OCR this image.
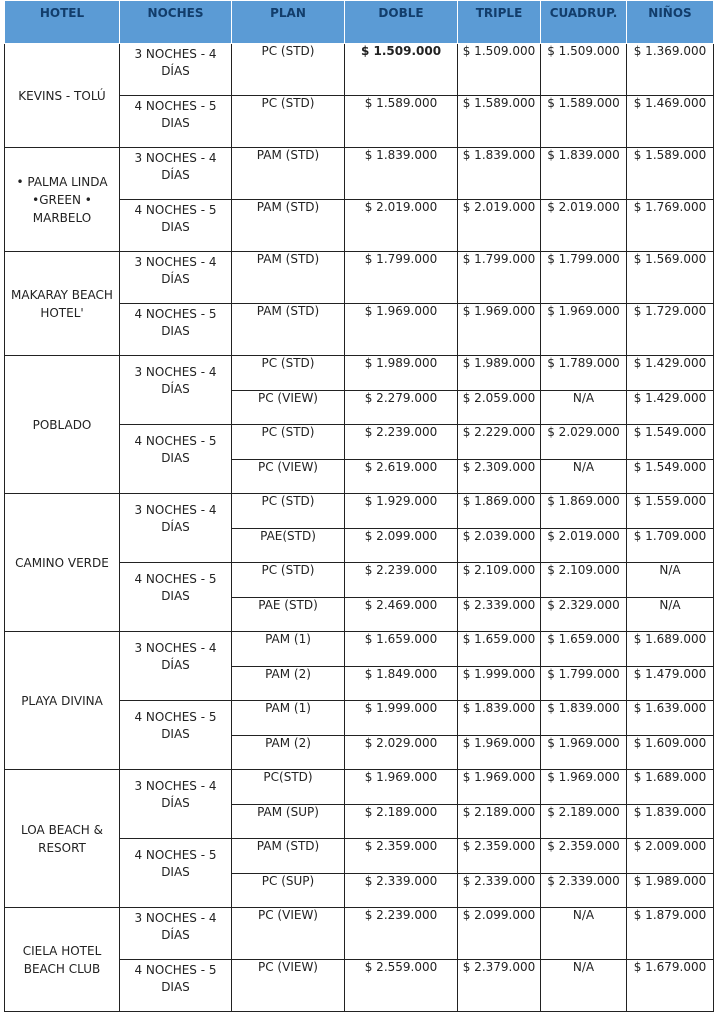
HOTEL	NOCHES	PLAN	DOBLE	TRIPLE	CUADRUP.	NIÑOS
KEVINS - TOLÚ	3 NOCHES - 4 DÍAS	PC (STD)	$ 1.509.000	$ 1.509.000	$ 1.509.000	$ 1.369.000
	4 NOCHES - 5 DIAS	PC (STD)	$ 1.589.000	$ 1.589.000	$ 1.589.000	$ 1.469.000
• PALMA LINDA •GREEN • MARBELO	3 NOCHES - 4 DÍAS	PAM (STD)	$ 1.839.000	$ 1.839.000	$ 1.839.000	$ 1.589.000
	4 NOCHES - 5 DIAS	PAM (STD)	$ 2.019.000	$ 2.019.000	$ 2.019.000	$ 1.769.000
MAKARAY BEACH HOTEL'	3 NOCHES - 4 DÍAS	PAM (STD)	$ 1.799.000	$ 1.799.000	$ 1.799.000	$ 1.569.000
	4 NOCHES - 5 DIAS	PAM (STD)	$ 1.969.000	$ 1.969.000	$ 1.969.000	$ 1.729.000
POBLADO	3 NOCHES - 4 DÍAS	PC (STD)	$ 1.989.000	$ 1.989.000	$ 1.789.000	$ 1.429.000
		PC (VIEW)	$ 2.279.000	$ 2.059.000	N/A	$ 1.429.000
	4 NOCHES - 5 DIAS	PC (STD)	$ 2.239.000	$ 2.229.000	$ 2.029.000	$ 1.549.000
		PC (VIEW)	$ 2.619.000	$ 2.309.000	N/A	$ 1.549.000
CAMINO VERDE	3 NOCHES - 4 DÍAS	PC (STD)	$ 1.929.000	$ 1.869.000	$ 1.869.000	$ 1.559.000
		PAE(STD)	$ 2.099.000	$ 2.039.000	$ 2.019.000	$ 1.709.000
	4 NOCHES - 5 DIAS	PC (STD)	$ 2.239.000	$ 2.109.000	$ 2.109.000	N/A
		PAE (STD)	$ 2.469.000	$ 2.339.000	$ 2.329.000	N/A
PLAYA DIVINA	3 NOCHES - 4 DÍAS	PAM (1)	$ 1.659.000	$ 1.659.000	$ 1.659.000	$ 1.689.000
		PAM (2)	$ 1.849.000	$ 1.999.000	$ 1.799.000	$ 1.479.000
	4 NOCHES - 5 DIAS	PAM (1)	$ 1.999.000	$ 1.839.000	$ 1.839.000	$ 1.639.000
		PAM (2)	$ 2.029.000	$ 1.969.000	$ 1.969.000	$ 1.609.000
LOA BEACH & RESORT	3 NOCHES - 4 DÍAS	PC(STD)	$ 1.969.000	$ 1.969.000	$ 1.969.000	$ 1.689.000
		PAM (SUP)	$ 2.189.000	$ 2.189.000	$ 2.189.000	$ 1.839.000
	4 NOCHES - 5 DIAS	PAM (STD)	$ 2.359.000	$ 2.359.000	$ 2.359.000	$ 2.009.000
		PC (SUP)	$ 2.339.000	$ 2.339.000	$ 2.339.000	$ 1.989.000
CIELA HOTEL BEACH CLUB	3 NOCHES - 4 DÍAS	PC (VIEW)	$ 2.239.000	$ 2.099.000	N/A	$ 1.879.000
	4 NOCHES - 5 DIAS	PC (VIEW)	$ 2.559.000	$ 2.379.000	N/A	$ 1.679.000
